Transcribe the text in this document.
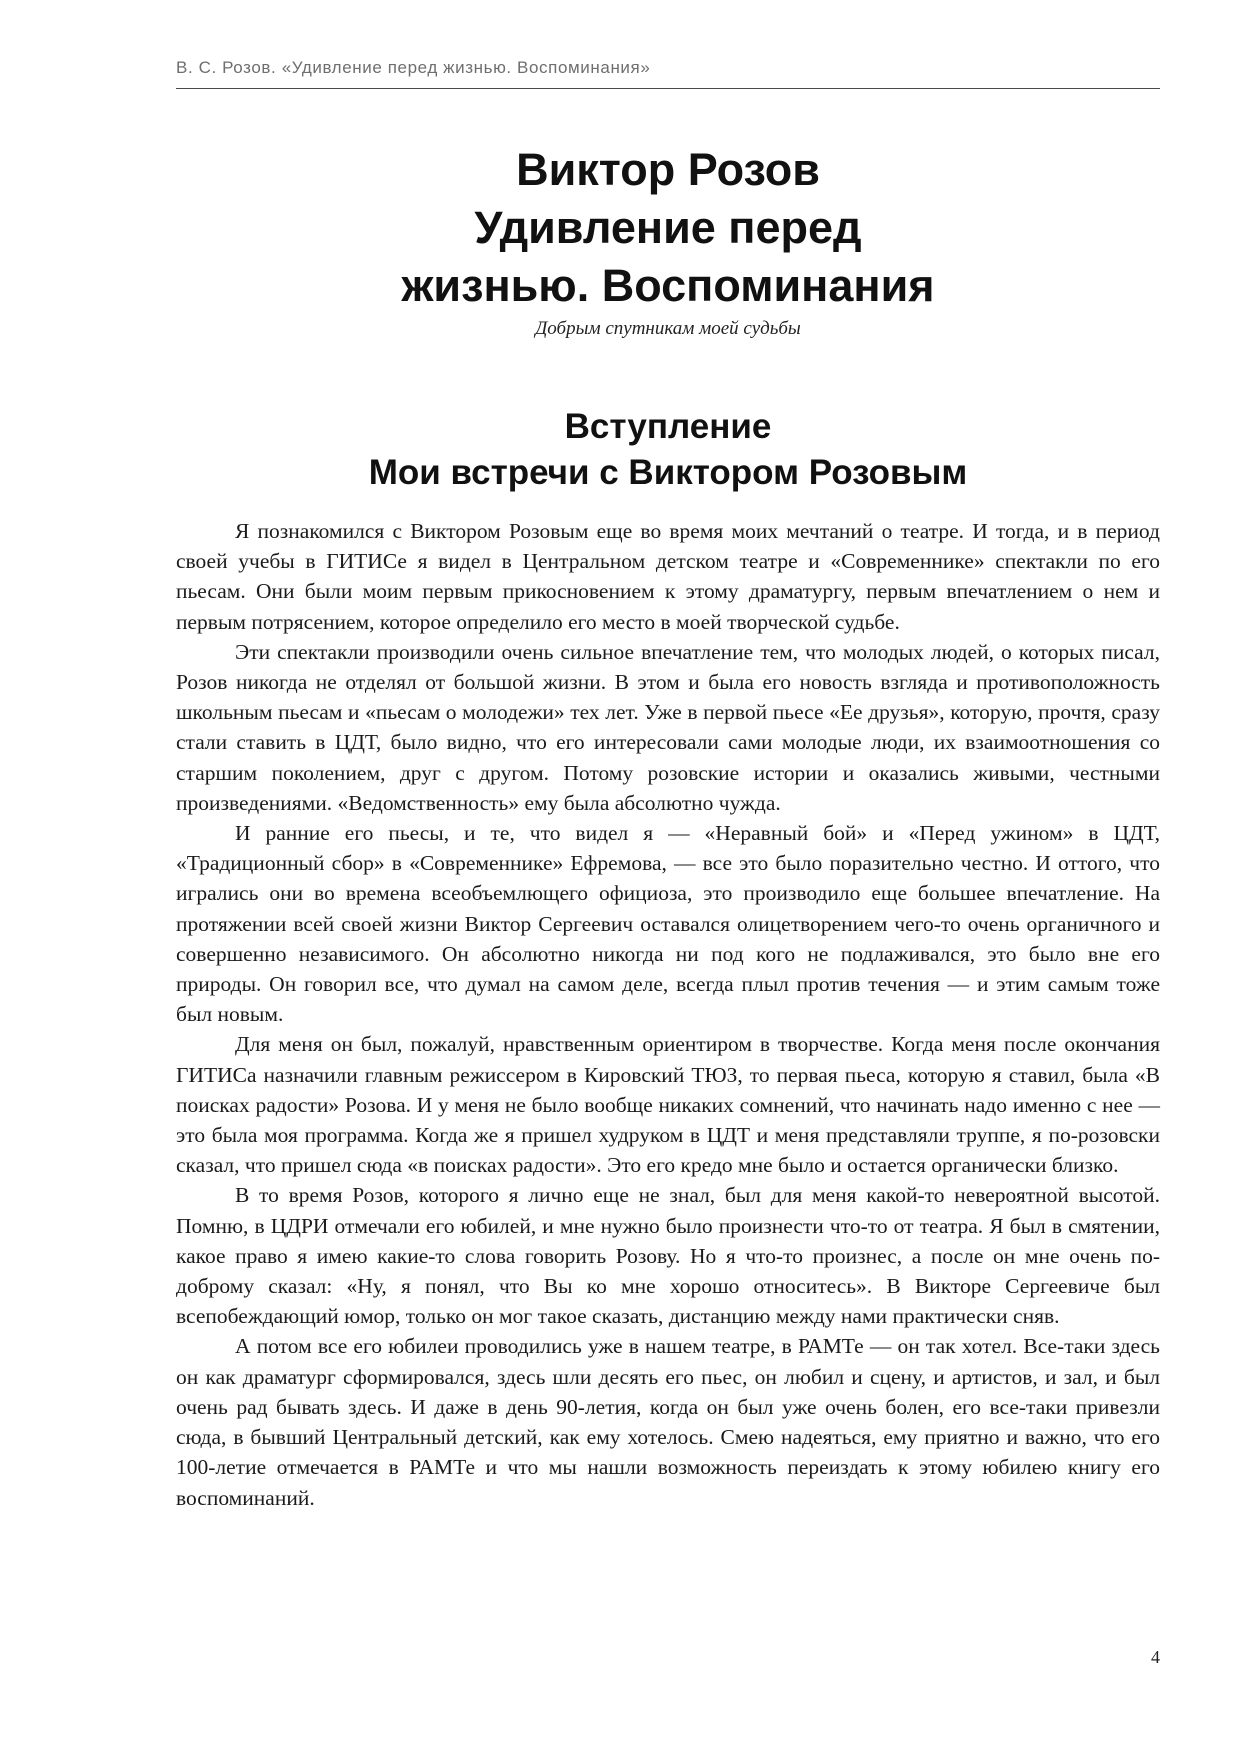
В. С. Розов. «Удивление перед жизнью. Воспоминания»
Виктор Розов
Удивление перед
жизнью. Воспоминания
Добрым спутникам моей судьбы
Вступление
Мои встречи с Виктором Розовым

Я познакомился с Виктором Розовым еще во время моих мечтаний о театре. И тогда, и в период своей учебы в ГИТИСе я видел в Центральном детском театре и «Современнике» спектакли по его пьесам. Они были моим первым прикосновением к этому драматургу, первым впечатлением о нем и первым потрясением, которое определило его место в моей творческой судьбе.

Эти спектакли производили очень сильное впечатление тем, что молодых людей, о которых писал, Розов никогда не отделял от большой жизни. В этом и была его новость взгляда и противоположность школьным пьесам и «пьесам о молодежи» тех лет. Уже в первой пьесе «Ее друзья», которую, прочтя, сразу стали ставить в ЦДТ, было видно, что его интересовали сами молодые люди, их взаимоотношения со старшим поколением, друг с другом. Потому розовские истории и оказались живыми, честными произведениями. «Ведомственность» ему была абсолютно чужда.

И ранние его пьесы, и те, что видел я — «Неравный бой» и «Перед ужином» в ЦДТ, «Традиционный сбор» в «Современнике» Ефремова, — все это было поразительно честно. И оттого, что игрались они во времена всеобъемлющего официоза, это производило еще большее впечатление. На протяжении всей своей жизни Виктор Сергеевич оставался олицетворением чего-то очень органичного и совершенно независимого. Он абсолютно никогда ни под кого не подлаживался, это было вне его природы. Он говорил все, что думал на самом деле, всегда плыл против течения — и этим самым тоже был новым.

Для меня он был, пожалуй, нравственным ориентиром в творчестве. Когда меня после окончания ГИТИСа назначили главным режиссером в Кировский ТЮЗ, то первая пьеса, которую я ставил, была «В поисках радости» Розова. И у меня не было вообще никаких сомнений, что начинать надо именно с нее — это была моя программа. Когда же я пришел худруком в ЦДТ и меня представляли труппе, я по-розовски сказал, что пришел сюда «в поисках радости». Это его кредо мне было и остается органически близко.

В то время Розов, которого я лично еще не знал, был для меня какой-то невероятной высотой. Помню, в ЦДРИ отмечали его юбилей, и мне нужно было произнести что-то от театра. Я был в смятении, какое право я имею какие-то слова говорить Розову. Но я что-то произнес, а после он мне очень по-доброму сказал: «Ну, я понял, что Вы ко мне хорошо относитесь». В Викторе Сергеевиче был всепобеждающий юмор, только он мог такое сказать, дистанцию между нами практически сняв.

А потом все его юбилеи проводились уже в нашем театре, в РАМТе — он так хотел. Все-таки здесь он как драматург сформировался, здесь шли десять его пьес, он любил и сцену, и артистов, и зал, и был очень рад бывать здесь. И даже в день 90-летия, когда он был уже очень болен, его все-таки привезли сюда, в бывший Центральный детский, как ему хотелось. Смею надеяться, ему приятно и важно, что его 100-летие отмечается в РАМТе и что мы нашли возможность переиздать к этому юбилею книгу его воспоминаний.

4
